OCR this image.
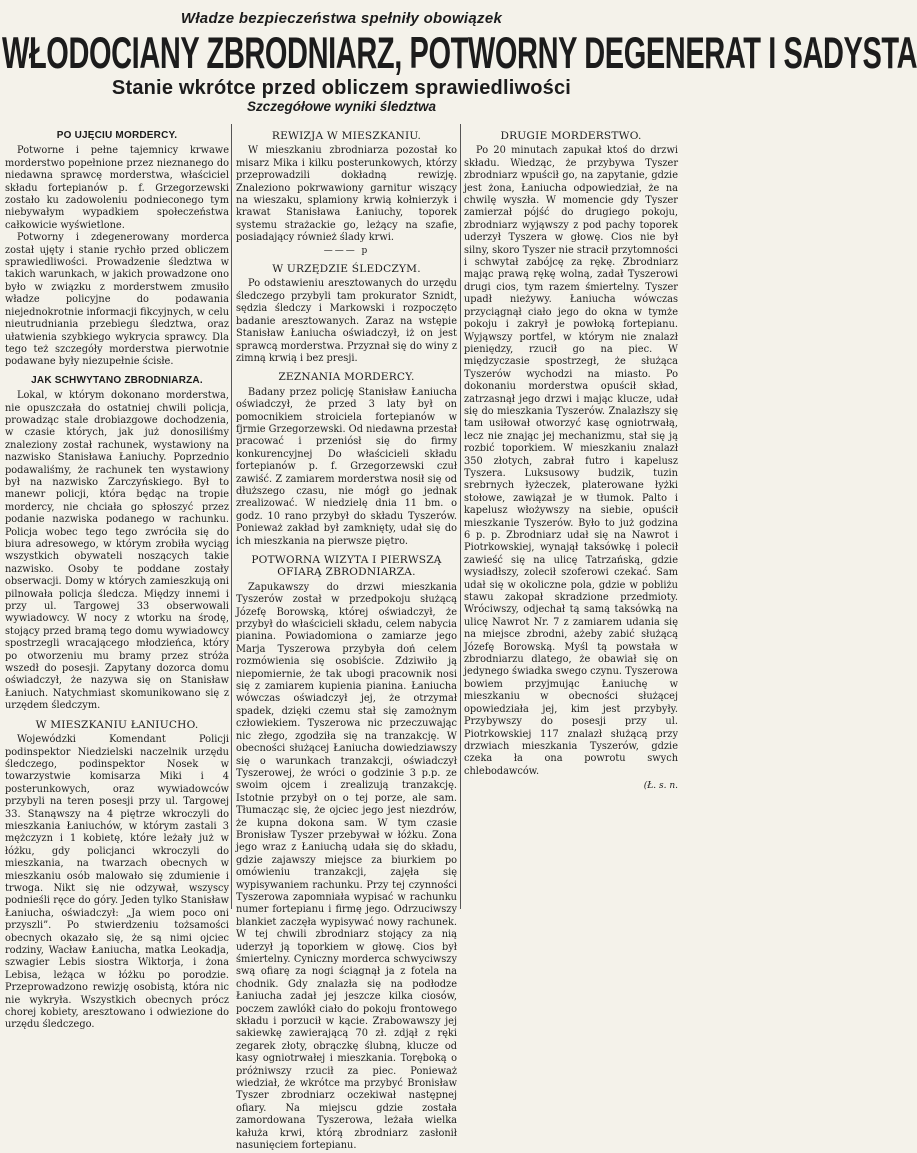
Władze bezpieczeństwa spełniły obowiązek
WŁODOCIANY ZBRODNIARZ, POTWORNY DEGENERAT I SADYSTA
Stanie wkrótce przed obliczem sprawiedliwości
Szczegółowe wyniki śledztwa
PO UJĘCIU MORDERCY.

Potworne i pełne tajemnicy krwawe morderstwo popełnione przez nieznanego do niedawna sprawcę morderstwa, właściciel składu fortepianów p. f. Grzegorzewski zostało ku zadowoleniu podnieconego tym niebywałym wypadkiem społeczeństwa całkowicie wyświetlone.

Potworny i zdegenerowany morderca został ujęty i stanie rychło przed obliczem sprawiedliwości. Prowadzenie śledztwa w takich warunkach, w jakich prowadzone ono było w związku z morderstwem zmusiło władze policyjne do podawania niejednokrotnie informacji fikcyjnych, w celu nieutrudniania przebiegu śledztwa, oraz ułatwienia szybkiego wykrycia sprawcy. Dla tego też szczegóły morderstwa pierwotnie podawane były niezupełnie ścisłe.

JAK SCHWYTANO ZBRODNIARZA.

Lokal, w którym dokonano morderstwa, nie opuszczała do ostatniej chwili policja, prowadząc stale drobiazgowe dochodzenia, w czasie których, jak już donosiliśmy znaleziony został rachunek, wystawiony na nazwisko Stanisława Łaniuchy. Poprzednio podawaliśmy, że rachunek ten wystawiony był na nazwisko Zarczyńskiego. Był to manewr policji, która będąc na tropie mordercy, nie chciała go spłoszyć przez podanie nazwiska podanego w rachunku. Policja wobec tego tego zwróciła się do biura adresowego, w którym zrobiła wyciąg wszystkich obywateli noszących takie nazwisko. Osoby te poddane zostały obserwacji. Domy w których zamieszkują oni pilnowała policja śledcza. Między innemi i przy ul. Targowej 33 obserwowali wywiadowcy. W nocy z wtorku na środę, stojący przed bramą tego domu wywiadowcy spostrzegli wracającego młodzieńca, który po otworzeniu mu bramy przez stróża wszedł do posesji. Zapytany dozorca domu oświadczył, że nazywa się on Stanisław Łaniuch. Natychmiast skomunikowano się z urzędem śledczym.

W MIESZKANIU ŁANIUCHO.

Wojewódzki Komendant Policji podinspektor Niedzielski naczelnik urzędu śledczego, podinspektor Nosek w towarzystwie komisarza Miki i 4 posterunkowych, oraz wywiadowców przybyli na teren posesji przy ul. Targowej 33. Stanąwszy na 4 piętrze wkroczyli do mieszkania Łaniuchów, w którym zastali 3 mężczyzn i 1 kobietę, które leżały już w łóżku, gdy policjanci wkroczyli do mieszkania, na twarzach obecnych w mieszkaniu osób malowało się zdumienie i trwoga. Nikt się nie odzywał, wszyscy podnieśli ręce do góry. Jeden tylko Stanisław Łaniucha, oświadczył: „Ja wiem poco oni przyszli”. Po stwierdzeniu tożsamości obecnych okazało się, że są nimi ojciec rodziny, Wacław Łaniucha, matka Leokadja, szwagier Lebis siostra Wiktorja, i żona Lebisa, leżąca w łóżku po porodzie. Przeprowadzono rewizję osobistą, która nic nie wykryła. Wszystkich obecnych prócz chorej kobiety, aresztowano i odwiezione do urzędu śledczego.

REWIZJA W MIESZKANIU.

W mieszkaniu zbrodniarza pozostał ko misarz Mika i kilku posterunkowych, którzy przeprowadzili dokładną rewizję. Znaleziono pokrwawiony garnitur wiszący na wieszaku, splamiony krwią kołnierzyk i krawat Stanisława Łaniuchy, toporek systemu strażackie go, leżący na szafie, posiadający również ślady krwi.

——— p
W URZĘDZIE ŚLEDCZYM.

Po odstawieniu aresztowanych do urzędu śledczego przybyli tam prokurator Sznidt, sędzia śledczy i Markowski i rozpoczęto badanie aresztowanych. Zaraz na wstępie Stanisław Łaniucha oświadczył, iż on jest sprawcą morderstwa. Przyznał się do winy z zimną krwią i bez presji.

ZEZNANIA MORDERCY.

Badany przez policję Stanisław Łaniucha oświadczył, że przed 3 laty był on pomocnikiem stroiciela fortepianów w fjrmie Grzegorzewski. Od niedawna przestał pracować i przeniósł się do firmy konkurencyjnej Do właścicieli składu fortepianów p. f. Grzegorzewski czuł zawiść. Z zamiarem morderstwa nosił się od dłuższego czasu, nie mógł go jednak zrealizować. W niedzielę dnia 11 bm. o godz. 10 rano przybył do składu Tyszerów. Ponieważ zakład był zamknięty, udał się do ich mieszkania na pierwsze piętro.

POTWORNA WIZYTA I PIERWSZĄ OFIARĄ ZBRODNIARZA.

Zapukawszy do drzwi mieszkania Tyszerów został w przedpokoju służącą Józefę Borowską, której oświadczył, że przybył do właścicieli składu, celem nabycia pianina. Powiadomiona o zamiarze jego Marja Tyszerowa przybyła doń celem rozmówienia się osobiście. Zdziwiło ją niepomiernie, że tak ubogi pracownik nosi się z zamiarem kupienia pianina. Łaniucha wówczas oświadczył jej, że otrzymał spadek, dzięki czemu stał się zamożnym człowiekiem. Tyszerowa nic przeczuwając nic złego, zgodziła się na tranzakcję. W obecności służącej Łaniucha dowiedziawszy się o warunkach tranzakcji, oświadczył Tyszerowej, że wróci o godzinie 3 p.p. ze swoim ojcem i zrealizują tranzakcję. Istotnie przybył on o tej porze, ale sam. Tłumacząc się, że ojciec jego jest niezdrów, że kupna dokona sam. W tym czasie Bronisław Tyszer przebywał w łóżku. Zona jego wraz z Łaniuchą udała się do składu, gdzie zajawszy miejsce za biurkiem po omówieniu tranzakcji, zajęła się wypisywaniem rachunku. Przy tej czynności Tyszerowa zapomniała wypisać w rachunku numer fortepianu i firmę jego. Odrzuciwszy blankiet zaczęła wypisywać nowy rachunek. W tej chwili zbrodniarz stojący za nią uderzył ją toporkiem w głowę. Cios był śmiertelny. Cyniczny morderca schwyciwszy swą ofiarę za nogi ściągnął ja z fotela na chodnik. Gdy znalazła się na podłodze Łaniucha zadał jej jeszcze kilka ciosów, poczem zawlókł ciało do pokoju frontowego składu i porzucił w kącie. Zrabowawszy jej sakiewkę zawierającą 70 zł. zdjął z ręki zegarek złoty, obrączkę ślubną, klucze od kasy ogniotrwałej i mieszkania. Toręboką o próżniwszy rzucił za piec. Ponieważ wiedział, że wkrótce ma przybyć Bronisław Tyszer zbrodniarz oczekiwał następnej ofiary. Na miejscu gdzie została zamordowana Tyszerowa, leżała wielka kałuża krwi, którą zbrodniarz zasłonił nasunięciem fortepianu.

DRUGIE MORDERSTWO.

Po 20 minutach zapukał ktoś do drzwi składu. Wiedząc, że przybywa Tyszer zbrodniarz wpuścił go, na zapytanie, gdzie jest żona, Łaniucha odpowiedział, że na chwilę wyszła. W momencie gdy Tyszer zamierzał pójść do drugiego pokoju, zbrodniarz wyjąwszy z pod pachy toporek uderzył Tyszera w głowę. Cios nie był silny, skoro Tyszer nie stracił przytomności i schwytał zabójcę za rękę. Zbrodniarz mając prawą rękę wolną, zadał Tyszerowi drugi cios, tym razem śmiertelny. Tyszer upadł nieżywy. Łaniucha wówczas przyciągnął ciało jego do okna w tymże pokoju i zakrył je powłoką fortepianu. Wyjąwszy portfel, w którym nie znalazł pieniędzy, rzucił go na piec. W międzyczasie spostrzegł, że służąca Tyszerów wychodzi na miasto. Po dokonaniu morderstwa opuścił skład, zatrzasnął jego drzwi i mając klucze, udał się do mieszkania Tyszerów. Znalazłszy się tam usiłował otworzyć kasę ogniotrwałą, lecz nie znając jej mechanizmu, stał się ją rozbić toporkiem. W mieszkaniu znalazł 350 złotych, zabrał futro i kapelusz Tyszera. Luksusowy budzik, tuzin srebrnych łyżeczek, platerowane łyżki stołowe, zawiązał je w tłumok. Palto i kapelusz włożywszy na siebie, opuścił mieszkanie Tyszerów. Było to już godzina 6 p. p. Zbrodniarz udał się na Nawrot i Piotrkowskiej, wynajął taksówkę i polecił zawieść się na ulicę Tatrzańską, gdzie wysiadłszy, zolecił szoferowi czekać. Sam udał się w okoliczne pola, gdzie w pobliżu stawu zakopał skradzione przedmioty. Wróciwszy, odjechał tą samą taksówką na ulicę Nawrot Nr. 7 z zamiarem udania się na miejsce zbrodni, ażeby zabić służącą Józefę Borowską. Myśl tą powstała w zbrodniarzu dlatego, że obawiał się on jedynego świadka swego czynu. Tyszerowa bowiem przyjmując Łaniuchę w mieszkaniu w obecności służącej opowiedziała jej, kim jest przybyły. Przybywszy do posesji przy ul. Piotrkowskiej 117 znalazł służącą przy drzwiach mieszkania Tyszerów, gdzie czeka ła ona powrotu swych chlebodawców.

(Ł. s. n.
